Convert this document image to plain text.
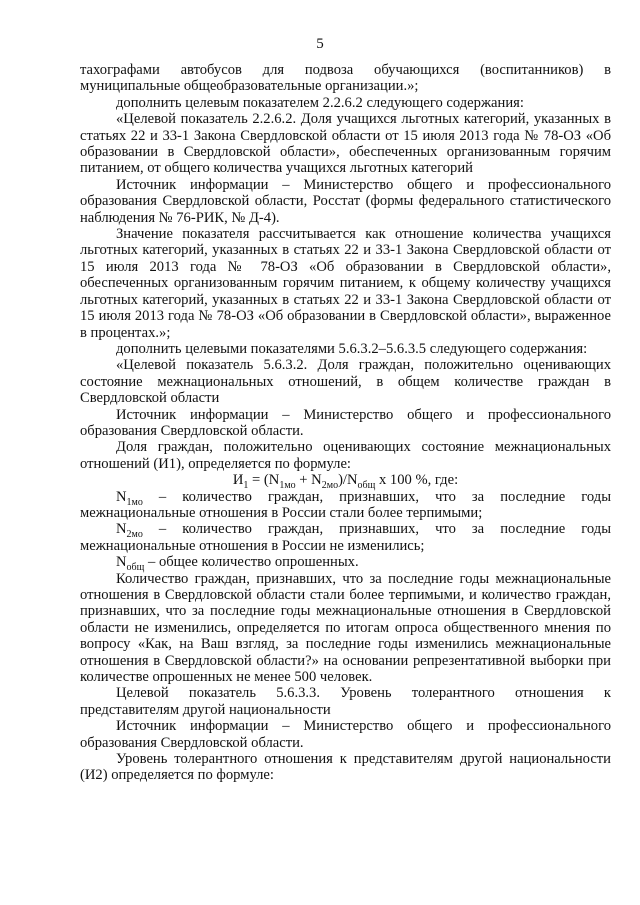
5

тахографами автобусов для подвоза обучающихся (воспитанников) в муниципальные общеобразовательные организации.»;

дополнить целевым показателем 2.2.6.2 следующего содержания:

«Целевой показатель 2.2.6.2. Доля учащихся льготных категорий, указанных в статьях 22 и 33-1 Закона Свердловской области от 15 июля 2013 года № 78-ОЗ «Об образовании в Свердловской области», обеспеченных организованным горячим питанием, от общего количества учащихся льготных категорий

Источник информации – Министерство общего и профессионального образования Свердловской области, Росстат (формы федерального статистического наблюдения № 76-РИК, № Д-4).

Значение показателя рассчитывается как отношение количества учащихся льготных категорий, указанных в статьях 22 и 33-1 Закона Свердловской области от 15 июля 2013 года № 78-ОЗ «Об образовании в Свердловской области», обеспеченных организованным горячим питанием, к общему количеству учащихся льготных категорий, указанных в статьях 22 и 33-1 Закона Свердловской области от 15 июля 2013 года № 78-ОЗ «Об образовании в Свердловской области», выраженное в процентах.»;

дополнить целевыми показателями 5.6.3.2–5.6.3.5 следующего содержания:

«Целевой показатель 5.6.3.2. Доля граждан, положительно оценивающих состояние межнациональных отношений, в общем количестве граждан в Свердловской области

Источник информации – Министерство общего и профессионального образования Свердловской области.

Доля граждан, положительно оценивающих состояние межнациональных отношений (И1), определяется по формуле:

$И_1 = (N_{1мо} + N_{2мо})/N_{общ}$ x 100 %, где:

$N_{1мо}$ – количество граждан, признавших, что за последние годы межнациональные отношения в России стали более терпимыми;

$N_{2мо}$ – количество граждан, признавших, что за последние годы межнациональные отношения в России не изменились;

$N_{общ}$ – общее количество опрошенных.

Количество граждан, признавших, что за последние годы межнациональные отношения в Свердловской области стали более терпимыми, и количество граждан, признавших, что за последние годы межнациональные отношения в Свердловской области не изменились, определяется по итогам опроса общественного мнения по вопросу «Как, на Ваш взгляд, за последние годы изменились межнациональные отношения в Свердловской области?» на основании репрезентативной выборки при количестве опрошенных не менее 500 человек.

Целевой показатель 5.6.3.3. Уровень толерантного отношения к представителям другой национальности

Источник информации – Министерство общего и профессионального образования Свердловской области.

Уровень толерантного отношения к представителям другой национальности (И2) определяется по формуле:
